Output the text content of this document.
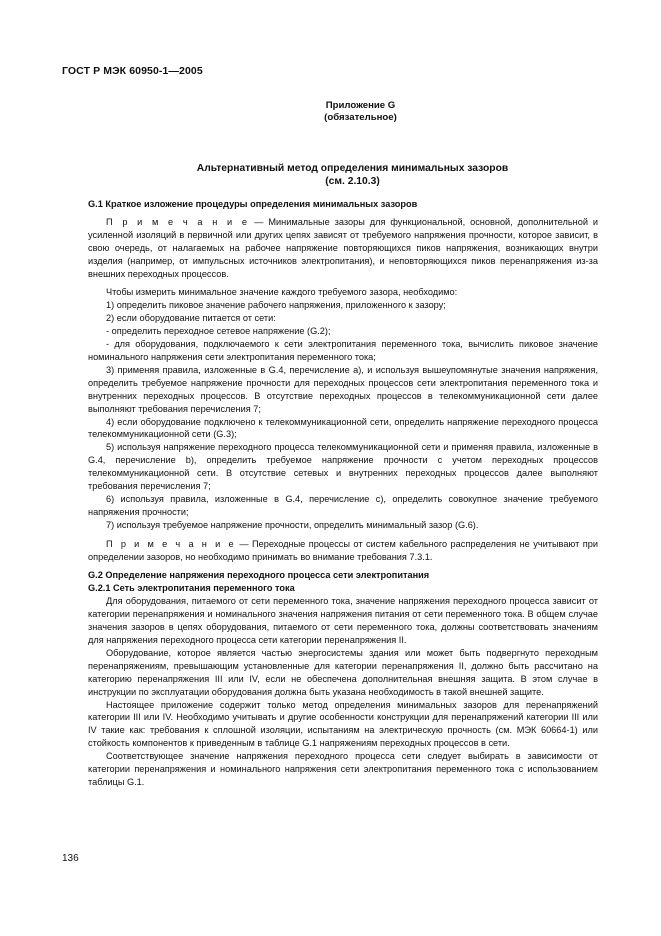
ГОСТ Р МЭК 60950-1—2005
Приложение G
(обязательное)
Альтернативный метод определения минимальных зазоров
(см. 2.10.3)

G.1 Краткое изложение процедуры определения минимальных зазоров

П р и м е ч а н и е — Минимальные зазоры для функциональной, основной, дополнительной и усиленной изоляций в первичной или других цепях зависят от требуемого напряжения прочности, которое зависит, в свою очередь, от налагаемых на рабочее напряжение повторяющихся пиков напряжения, возникающих внутри изделия (например, от импульсных источников электропитания), и неповторяющихся пиков перенапряжения из-за внешних переходных процессов.

Чтобы измерить минимальное значение каждого требуемого зазора, необходимо:

1) определить пиковое значение рабочего напряжения, приложенного к зазору;

2) если оборудование питается от сети:

- определить переходное сетевое напряжение (G.2);

- для оборудования, подключаемого к сети электропитания переменного тока, вычислить пиковое значение номинального напряжения сети электропитания переменного тока;

3) применяя правила, изложенные в G.4, перечисление а), и используя вышеупомянутые значения напряжения, определить требуемое напряжение прочности для переходных процессов сети электропитания переменного тока и внутренних переходных процессов. В отсутствие переходных процессов в телекоммуникационной сети далее выполняют требования перечисления 7;

4) если оборудование подключено к телекоммуникационной сети, определить напряжение переходного процесса телекоммуникационной сети (G.3);

5) используя напряжение переходного процесса телекоммуникационной сети и применяя правила, изложенные в G.4, перечисление b), определить требуемое напряжение прочности с учетом переходных процессов телекоммуникационной сети. В отсутствие сетевых и внутренних переходных процессов далее выполняют требования перечисления 7;

6) используя правила, изложенные в G.4, перечисление с), определить совокупное значение требуемого напряжения прочности;

7) используя требуемое напряжение прочности, определить минимальный зазор (G.6).

П р и м е ч а н и е — Переходные процессы от систем кабельного распределения не учитывают при определении зазоров, но необходимо принимать во внимание требования 7.3.1.

G.2 Определение напряжения переходного процесса сети электропитания

G.2.1 Сеть электропитания переменного тока

Для оборудования, питаемого от сети переменного тока, значение напряжения переходного процесса зависит от категории перенапряжения и номинального значения напряжения питания от сети переменного тока. В общем случае значения зазоров в цепях оборудования, питаемого от сети переменного тока, должны соответствовать значениям для напряжения переходного процесса сети категории перенапряжения II.

Оборудование, которое является частью энергосистемы здания или может быть подвергнуто переходным перенапряжениям, превышающим установленные для категории перенапряжения II, должно быть рассчитано на категорию перенапряжения III или IV, если не обеспечена дополнительная внешняя защита. В этом случае в инструкции по эксплуатации оборудования должна быть указана необходимость в такой внешней защите.

Настоящее приложение содержит только метод определения минимальных зазоров для перенапряжений категории III или IV. Необходимо учитывать и другие особенности конструкции для перенапряжений категории III или IV такие как: требования к сплошной изоляции, испытаниям на электрическую прочность (см. МЭК 60664-1) или стойкость компонентов к приведенным в таблице G.1 напряжениям переходных процессов в сети.

Соответствующее значение напряжения переходного процесса сети следует выбирать в зависимости от категории перенапряжения и номинального напряжения сети электропитания переменного тока с использованием таблицы G.1.

136
